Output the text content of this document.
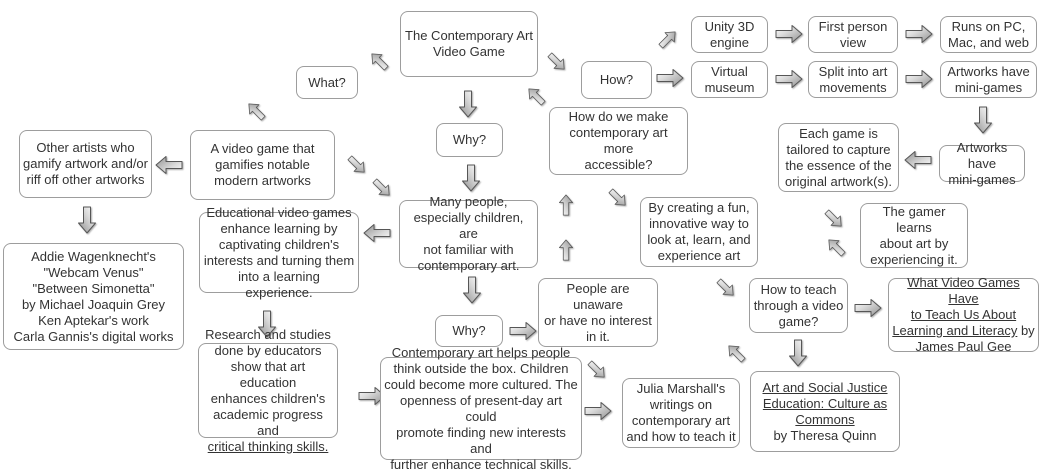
The Contemporary Art
Video Game
What?	How?
Unity 3D
engine
First person
view
Runs on PC,
Mac, and web
Virtual
museum
Split into art
movements
Artworks have
mini-games
Artworks have
mini-games
Each game is
tailored to capture
the essence of the
original artwork(s).
How do we make
contemporary art more
accessible?
Why?
Many people,
especially children, are
not familiar with
contemporary art.
By creating a fun,
innovative way to
look at, learn, and
experience art
The gamer learns
about art by
experiencing it.
Other artists who
gamify artwork and/or
riff off other artworks
A video game that
gamifies notable
modern artworks
Educational video games
enhance learning by
captivating children's
interests and turning them
into a learning experience.
Addie Wagenknecht's
"Webcam Venus"
"Between Simonetta"
by Michael Joaquin Grey
Ken Aptekar's work
Carla Gannis's digital works Research and studies
done by educators
show that art education
enhances children's
academic progress and
critical thinking skills.
Why?
People are unaware
or have no interest
in it.
Contemporary art helps people
think outside the box. Children
could become more cultured. The
openness of present-day art could
promote finding new interests and
further enhance technical skills.
Julia Marshall's
writings on
contemporary art
and how to teach it
How to teach
through a video
game?
What Video Games Have
to Teach Us About
Learning and Literacy by
James Paul Gee
Art and Social Justice
Education: Culture as
Commons
by Theresa Quinn
